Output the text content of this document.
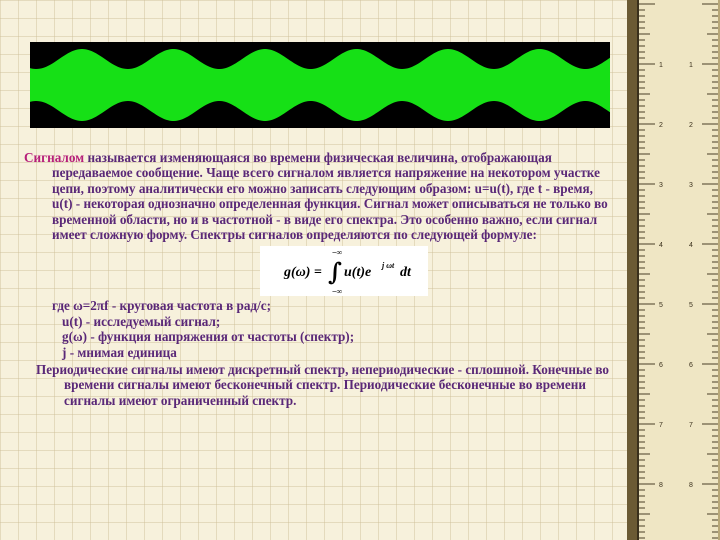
1	1
2	2
3	3
4	4
5	5
6	6
7	7
8	8

Сигналом называется изменяющаяся во времени физическая величина, отображающая передаваемое сообщение. Чаще всего сигналом является напряжение на некотором участке цепи, поэтому аналитически его можно записать следующим образом: u=u(t), где t - время, u(t) - некоторая однозначно определенная функция. Сигнал может описываться не только во временной области, но и в частотной - в виде его спектра. Это особенно важно, если сигнал имеет сложную форму. Спектры сигналов определяются по следующей формуле:

g(ω) = ∫
−∞
−∞
u(t)e j ωt dt
где ω=2πf - круговая частота в рад/с;
u(t) - исследуемый сигнал;
g(ω) - функция напряжения от частоты (спектр);
j - мнимая единица

Периодические сигналы имеют дискретный спектр, непериодические - сплошной. Конечные во времени сигналы имеют бесконечный спектр. Периодические бесконечные во времени сигналы имеют ограниченный спектр.
